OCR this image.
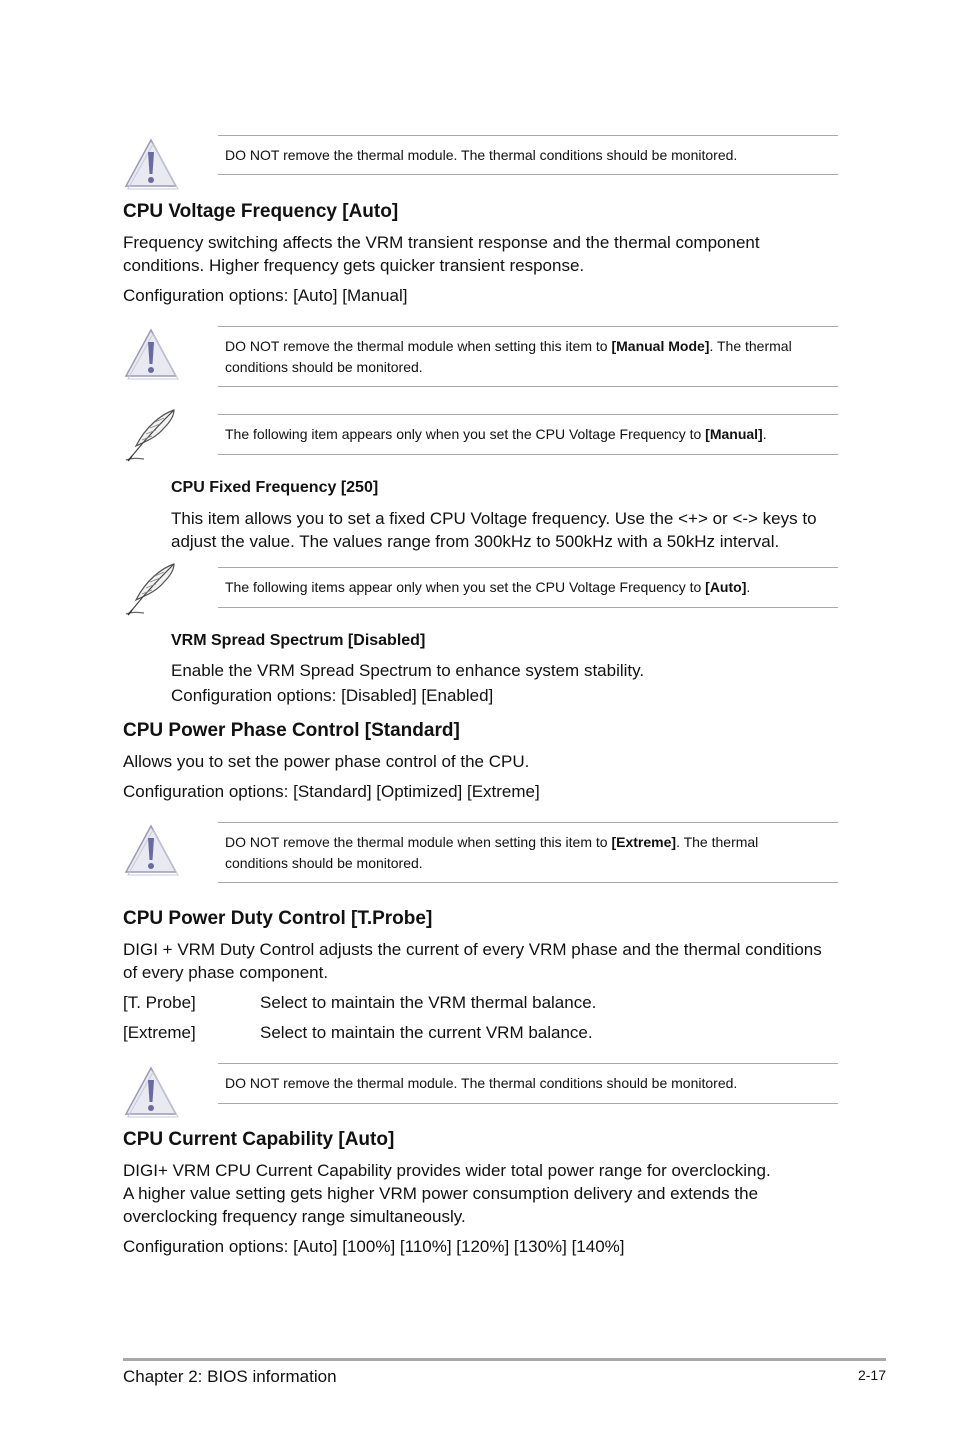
DO NOT remove the thermal module. The thermal conditions should be monitored.
CPU Voltage Frequency [Auto]

Frequency switching affects the VRM transient response and the thermal component

conditions. Higher frequency gets quicker transient response.

Configuration options: [Auto] [Manual]

DO NOT remove the thermal module when setting this item to [Manual Mode]. The thermal
conditions should be monitored.
The following item appears only when you set the CPU Voltage Frequency to [Manual].
CPU Fixed Frequency [250]

This item allows you to set a fixed CPU Voltage frequency. Use the <+> or <-> keys to

adjust the value. The values range from 300kHz to 500kHz with a 50kHz interval.

The following items appear only when you set the CPU Voltage Frequency to [Auto].
VRM Spread Spectrum [Disabled]

Enable the VRM Spread Spectrum to enhance system stability.

Configuration options: [Disabled] [Enabled]

CPU Power Phase Control [Standard]

Allows you to set the power phase control of the CPU.

Configuration options: [Standard] [Optimized] [Extreme]

DO NOT remove the thermal module when setting this item to [Extreme]. The thermal
conditions should be monitored.
CPU Power Duty Control [T.Probe]

DIGI + VRM Duty Control adjusts the current of every VRM phase and the thermal conditions

of every phase component.

[T. Probe]	Select to maintain the VRM thermal balance.

[Extreme]	Select to maintain the current VRM balance.

DO NOT remove the thermal module. The thermal conditions should be monitored.
CPU Current Capability [Auto]

DIGI+ VRM CPU Current Capability provides wider total power range for overclocking.

A higher value setting gets higher VRM power consumption delivery and extends the

overclocking frequency range simultaneously.

Configuration options: [Auto] [100%] [110%] [120%] [130%] [140%]

Chapter 2: BIOS information	2-17
